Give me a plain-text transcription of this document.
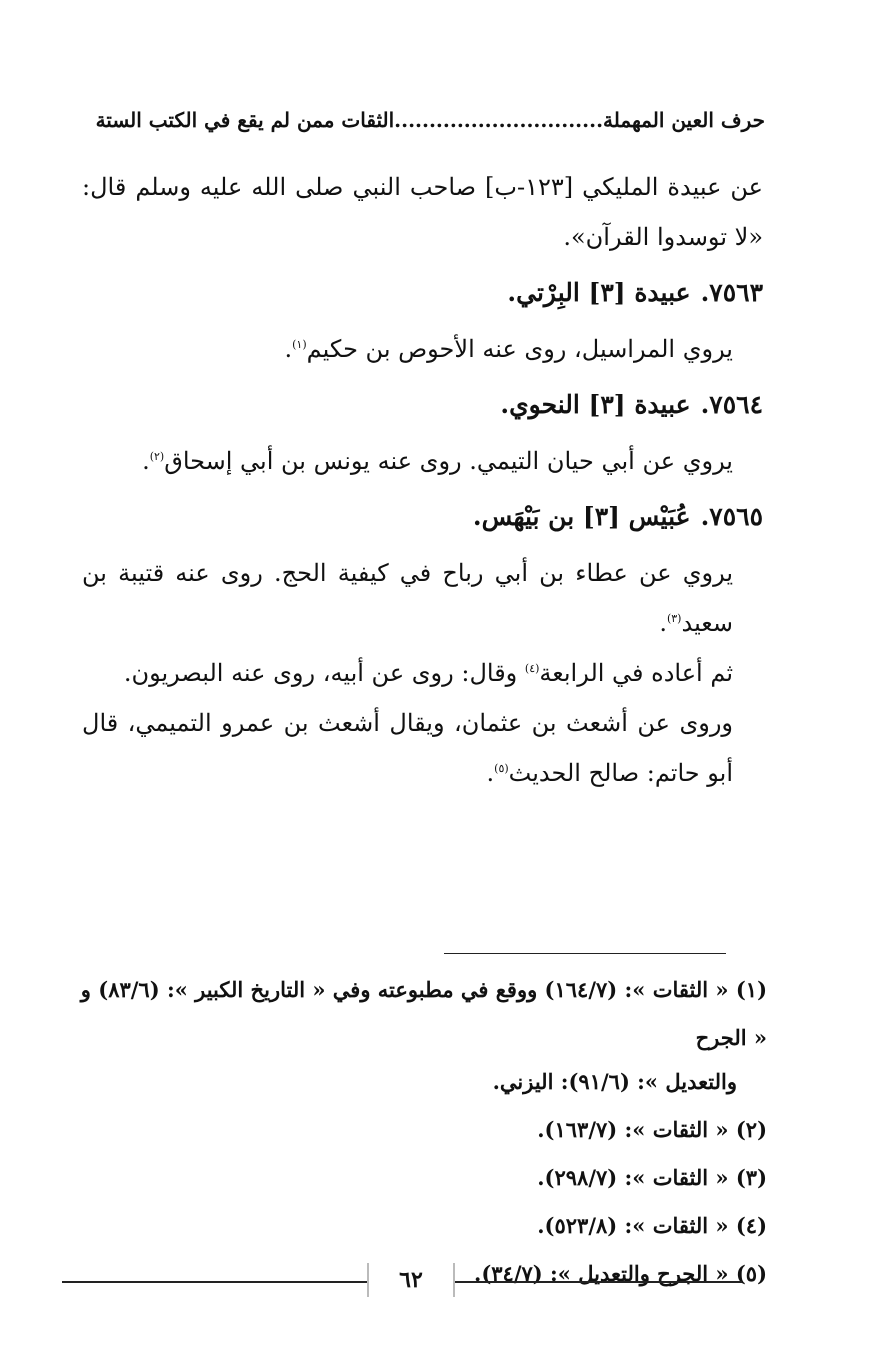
حرف العين المهملة..............................الثقات ممن لم يقع في الكتب الستة

عن عبيدة المليكي [١٢٣-ب] صاحب النبي صلى الله عليه وسلم قال: «لا توسدوا القرآن».

٧٥٦٣.عبيدة [٣] البِرْتي.

يروي المراسيل، روى عنه الأحوص بن حكيم$^{(١)}$.

٧٥٦٤.عبيدة [٣] النحوي.

يروي عن أبي حيان التيمي. روى عنه يونس بن أبي إسحاق$^{(٢)}$.

٧٥٦٥.عُبَيْس [٣] بن بَيْهَس.

يروي عن عطاء بن أبي رباح في كيفية الحج. روى عنه قتيبة بن سعيد$^{(٣)}$.

ثم أعاده في الرابعة$^{(٤)}$ وقال: روى عن أبيه، روى عنه البصريون.

وروى عن أشعث بن عثمان، ويقال أشعث بن عمرو التميمي، قال أبو حاتم: صالح الحديث$^{(٥)}$.

(١) « الثقات »: (١٦٤/٧) ووقع في مطبوعته وفي « التاريخ الكبير »: (٨٣/٦) و « الجرح

والتعديل »: (٩١/٦): اليزني.

(٢) « الثقات »: (١٦٣/٧).

(٣) « الثقات »: (٢٩٨/٧).

(٤) « الثقات »: (٥٢٣/٨).

(٥) « الجرح والتعديل »: (٣٤/٧).

٦٢
